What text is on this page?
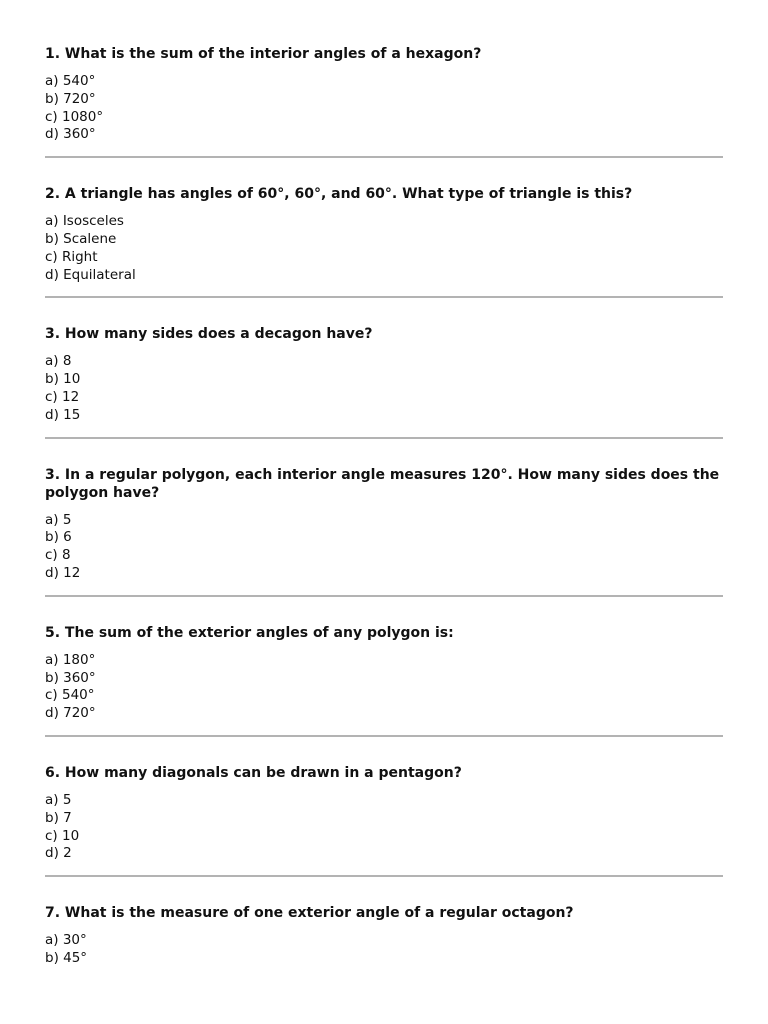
1. What is the sum of the interior angles of a hexagon?

a) 540°
b) 720°
c) 1080°
d) 360°

2. A triangle has angles of 60°, 60°, and 60°. What type of triangle is this?

a) Isosceles
b) Scalene
c) Right
d) Equilateral

3. How many sides does a decagon have?

a) 8
b) 10
c) 12
d) 15

3. In a regular polygon, each interior angle measures 120°. How many sides does the polygon have?

a) 5
b) 6
c) 8
d) 12

5. The sum of the exterior angles of any polygon is:

a) 180°
b) 360°
c) 540°
d) 720°

6. How many diagonals can be drawn in a pentagon?

a) 5
b) 7
c) 10
d) 2

7. What is the measure of one exterior angle of a regular octagon?

a) 30°
b) 45°
